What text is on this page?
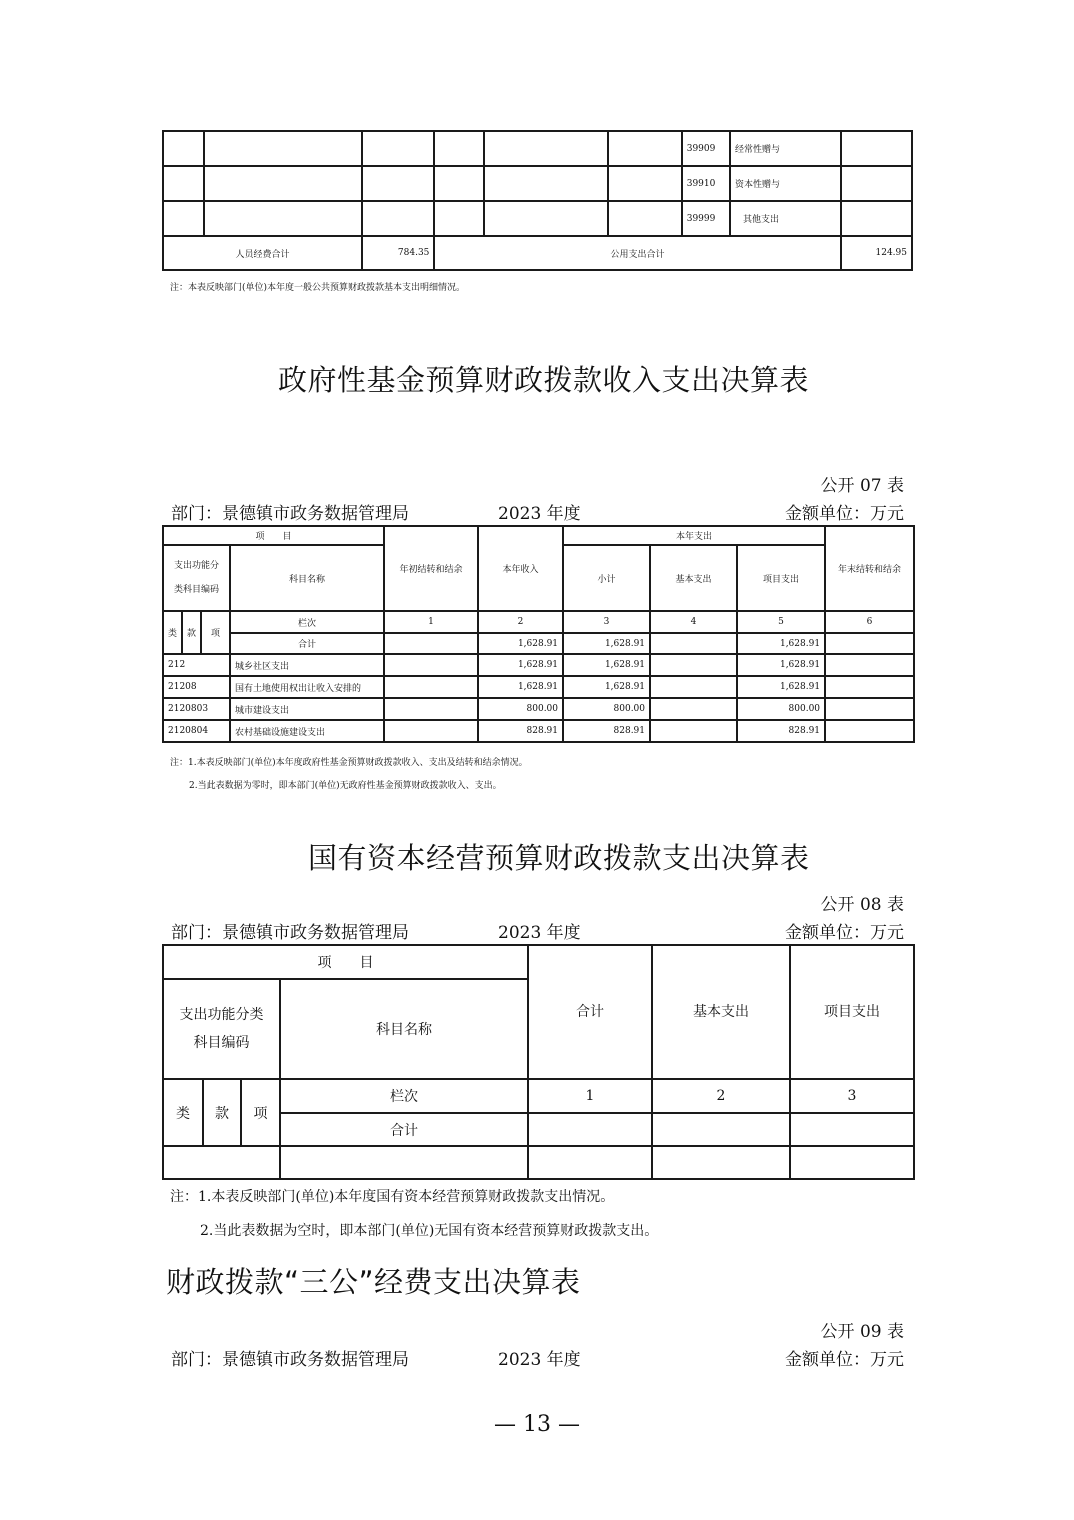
						39909	经常性赠与	
						39910	资本性赠与	
						39999	其他支出	
人员经费合计		784.35	公用支出合计					124.95
注：本表反映部门(单位)本年度一般公共预算财政拨款基本支出明细情况。
政府性基金预算财政拨款收入支出决算表
公开 07 表
部门：景德镇市政务数据管理局	2023 年度	金额单位：万元
项　　目				年初结转和结余	本年收入	本年支出			年末结转和结余

支出功能分
类科目编码			科目名称			小计	基本支出	项目支出	
类	款	项	栏次	1	2	3	4	5	6
			合计		1,628.91	1,628.91		1,628.91	
212			城乡社区支出		1,628.91	1,628.91		1,628.91	
21208			国有土地使用权出让收入安排的		1,628.91	1,628.91		1,628.91	
2120803			城市建设支出		800.00	800.00		800.00	
2120804			农村基础设施建设支出		828.91	828.91		828.91	
注：1.本表反映部门(单位)本年度政府性基金预算财政拨款收入、支出及结转和结余情况。
2.当此表数据为零时，即本部门(单位)无政府性基金预算财政拨款收入、支出。
国有资本经营预算财政拨款支出决算表
公开 08 表
部门：景德镇市政务数据管理局	2023 年度	金额单位：万元
项　　目				合计	基本支出	项目支出

支出功能分类
科目编码			科目名称			
类	款	项	栏次	1	2	3
			合计			

注：1.本表反映部门(单位)本年度国有资本经营预算财政拨款支出情况。
2.当此表数据为空时，即本部门(单位)无国有资本经营预算财政拨款支出。
财政拨款“三公”经费支出决算表
公开 09 表
部门：景德镇市政务数据管理局	2023 年度	金额单位：万元
— 13 —
